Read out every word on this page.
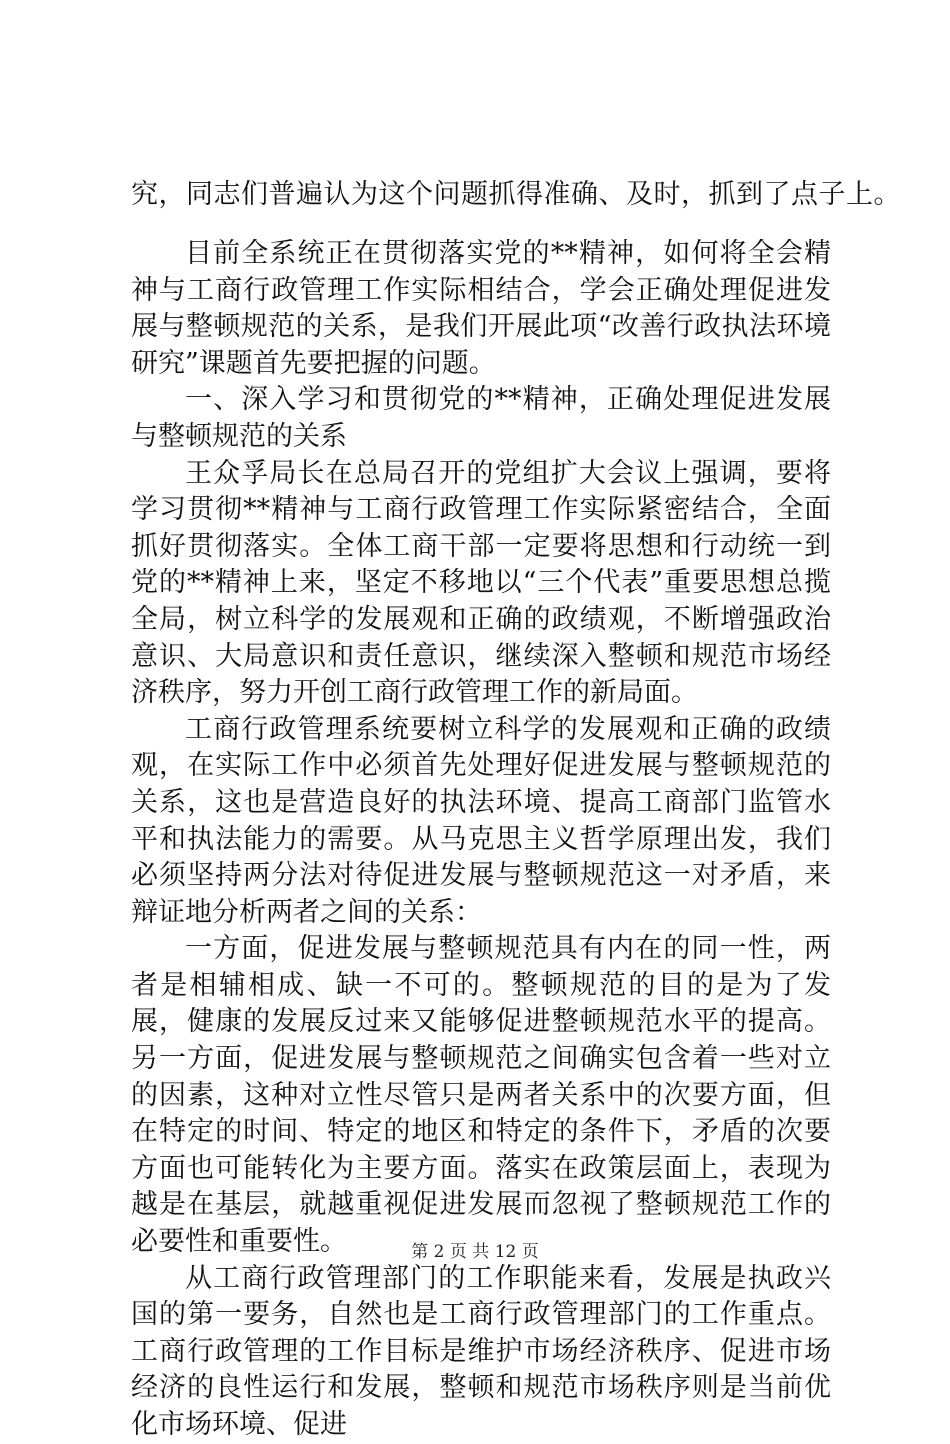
究，同志们普遍认为这个问题抓得准确、及时，抓到了点子上。

目前全系统正在贯彻落实党的**精神，如何将全会精神与工商行政管理工作实际相结合，学会正确处理促进发展与整顿规范的关系，是我们开展此项“改善行政执法环境研究”课题首先要把握的问题。

一、深入学习和贯彻党的**精神，正确处理促进发展与整顿规范的关系

王众孚局长在总局召开的党组扩大会议上强调，要将学习贯彻**精神与工商行政管理工作实际紧密结合，全面抓好贯彻落实。全体工商干部一定要将思想和行动统一到党的**精神上来，坚定不移地以“三个代表”重要思想总揽全局，树立科学的发展观和正确的政绩观，不断增强政治意识、大局意识和责任意识，继续深入整顿和规范市场经济秩序，努力开创工商行政管理工作的新局面。

工商行政管理系统要树立科学的发展观和正确的政绩观，在实际工作中必须首先处理好促进发展与整顿规范的关系，这也是营造良好的执法环境、提高工商部门监管水平和执法能力的需要。从马克思主义哲学原理出发，我们必须坚持两分法对待促进发展与整顿规范这一对矛盾，来辩证地分析两者之间的关系：

一方面，促进发展与整顿规范具有内在的同一性，两者是相辅相成、缺一不可的。整顿规范的目的是为了发展，健康的发展反过来又能够促进整顿规范水平的提高。另一方面，促进发展与整顿规范之间确实包含着一些对立的因素，这种对立性尽管只是两者关系中的次要方面，但在特定的时间、特定的地区和特定的条件下，矛盾的次要方面也可能转化为主要方面。落实在政策层面上，表现为越是在基层，就越重视促进发展而忽视了整顿规范工作的必要性和重要性。

从工商行政管理部门的工作职能来看，发展是执政兴国的第一要务，自然也是工商行政管理部门的工作重点。工商行政管理的工作目标是维护市场经济秩序、促进市场经济的良性运行和发展，整顿和规范市场秩序则是当前优化市场环境、促进

第 2 页 共 12 页
